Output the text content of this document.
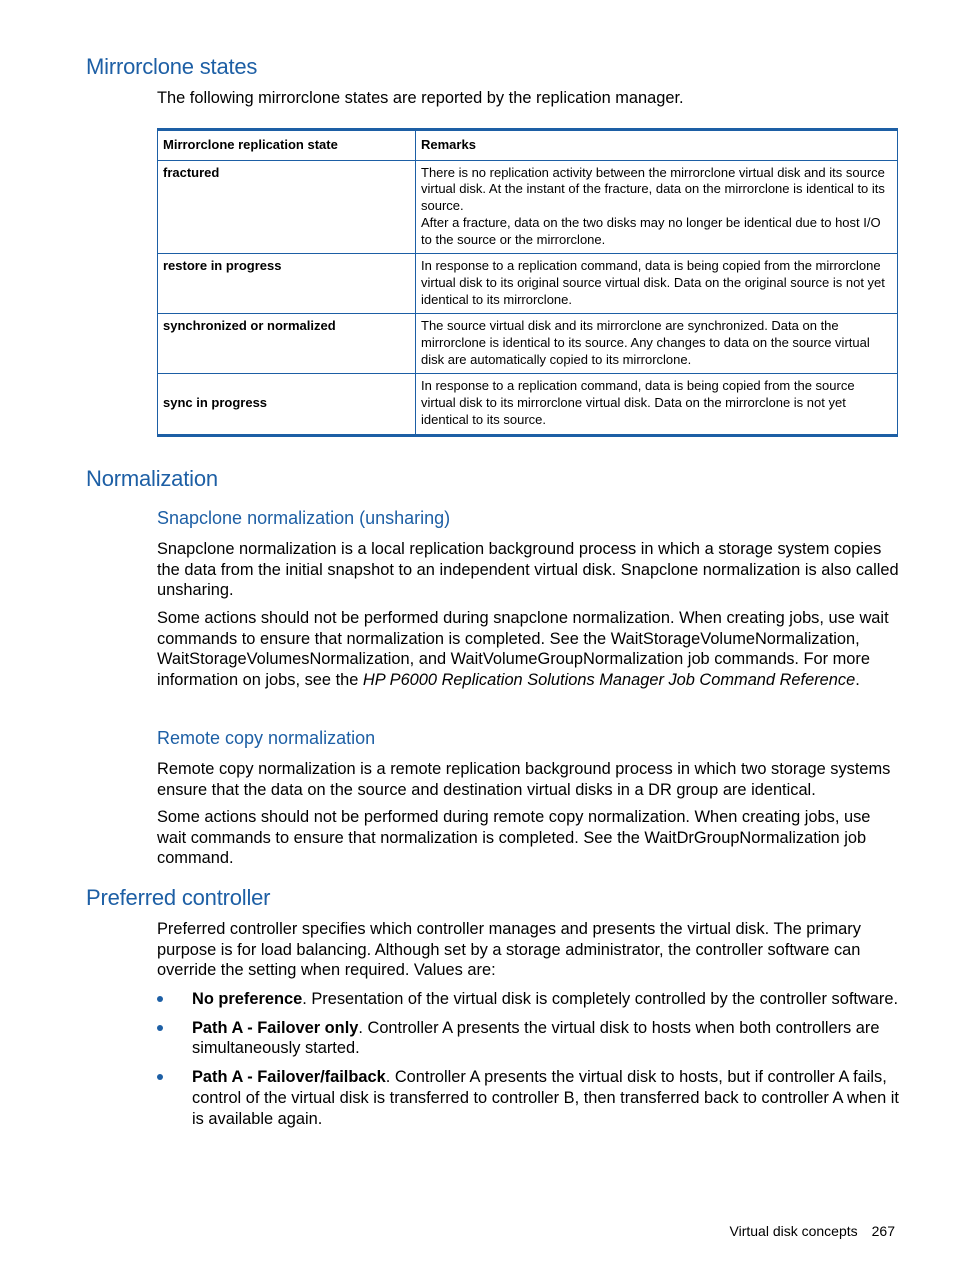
Mirrorclone states

The following mirrorclone states are reported by the replication manager.

Mirrorclone replication state	Remarks
fractured	There is no replication activity between the mirrorclone virtual disk and its source virtual disk. At the instant of the fracture, data on the mirrorclone is identical to its source.
After a fracture, data on the two disks may no longer be identical due to host I/O to the source or the mirrorclone.

restore in progress	In response to a replication command, data is being copied from the mirrorclone virtual disk to its original source virtual disk. Data on the original source is not yet identical to its mirrorclone.

synchronized or normalized	The source virtual disk and its mirrorclone are synchronized. Data on the mirrorclone is identical to its source. Any changes to data on the source virtual disk are automatically copied to its mirrorclone.

sync in progress	In response to a replication command, data is being copied from the source virtual disk to its mirrorclone virtual disk. Data on the mirrorclone is not yet identical to its source.
Normalization
Snapclone normalization (unsharing)

Snapclone normalization is a local replication background process in which a storage system copies the data from the initial snapshot to an independent virtual disk. Snapclone normalization is also called unsharing.

Some actions should not be performed during snapclone normalization. When creating jobs, use wait commands to ensure that normalization is completed. See the WaitStorageVolumeNormalization, WaitStorageVolumesNormalization, and WaitVolumeGroupNormalization job commands. For more information on jobs, see the HP P6000 Replication Solutions Manager Job Command Reference.

Remote copy normalization

Remote copy normalization is a remote replication background process in which two storage systems ensure that the data on the source and destination virtual disks in a DR group are identical.

Some actions should not be performed during remote copy normalization. When creating jobs, use wait commands to ensure that normalization is completed. See the WaitDrGroupNormalization job command.

Preferred controller

Preferred controller specifies which controller manages and presents the virtual disk. The primary purpose is for load balancing. Although set by a storage administrator, the controller software can override the setting when required. Values are:

No preference. Presentation of the virtual disk is completely controlled by the controller software.
Path A - Failover only. Controller A presents the virtual disk to hosts when both controllers are simultaneously started.
Path A - Failover/failback. Controller A presents the virtual disk to hosts, but if controller A fails, control of the virtual disk is transferred to controller B, then transferred back to controller A when it is available again.
Virtual disk concepts 267
